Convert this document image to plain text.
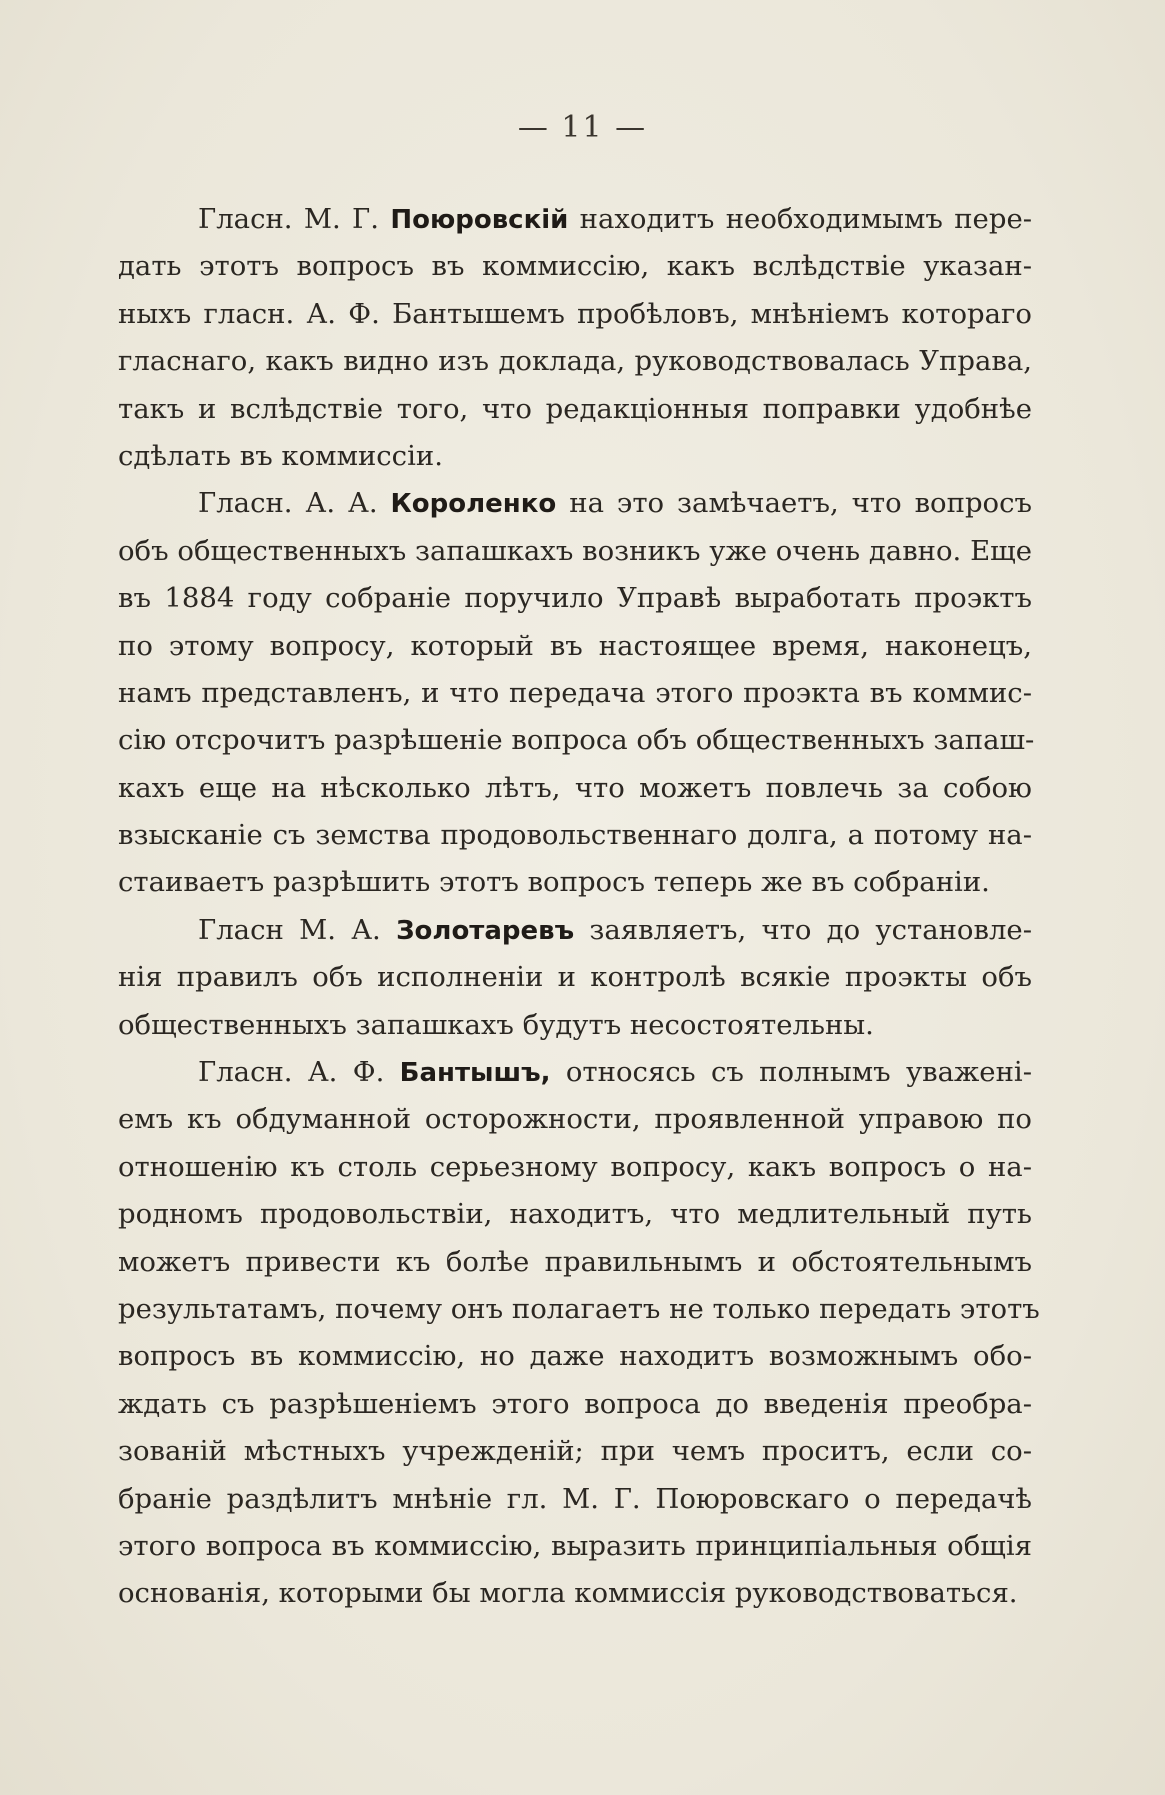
— 11 —
Гласн. М. Г. Поюровскій находитъ необходимымъ пере-
дать этотъ вопросъ въ коммиссію, какъ вслѣдствіе указан-
ныхъ гласн. А. Ф. Бантышемъ пробѣловъ, мнѣніемъ котораго
гласнаго, какъ видно изъ доклада, руководствовалась Управа,
такъ и вслѣдствіе того, что редакціонныя поправки удобнѣе
сдѣлать въ коммиссіи.
Гласн. А. А. Короленко на это замѣчаетъ, что вопросъ
объ общественныхъ запашкахъ возникъ уже очень давно. Еще
въ 1884 году собраніе поручило Управѣ выработать проэктъ
по этому вопросу, который въ настоящее время, наконецъ,
намъ представленъ, и что передача этого проэкта въ коммис-
сію отсрочитъ разрѣшеніе вопроса объ общественныхъ запаш-
кахъ еще на нѣсколько лѣтъ, что можетъ повлечь за собою
взысканіе съ земства продовольственнаго долга, а потому на-
стаиваетъ разрѣшить этотъ вопросъ теперь же въ собраніи.
Гласн М. А. Золотаревъ заявляетъ, что до установле-
нія правилъ объ исполненіи и контролѣ всякіе проэкты объ
общественныхъ запашкахъ будутъ несостоятельны.
Гласн. А. Ф. Бантышъ, относясь съ полнымъ уважені-
емъ къ обдуманной осторожности, проявленной управою по
отношенію къ столь серьезному вопросу, какъ вопросъ о на-
родномъ продовольствіи, находитъ, что медлительный путь
можетъ привести къ болѣе правильнымъ и обстоятельнымъ
результатамъ, почему онъ полагаетъ не только передать этотъ
вопросъ въ коммиссію, но даже находитъ возможнымъ обо-
ждать съ разрѣшеніемъ этого вопроса до введенія преобра-
зованій мѣстныхъ учрежденій; при чемъ проситъ, если со-
браніе раздѣлитъ мнѣніе гл. М. Г. Поюровскаго о передачѣ
этого вопроса въ коммиссію, выразить принципіальныя общія
основанія, которыми бы могла коммиссія руководствоваться.
